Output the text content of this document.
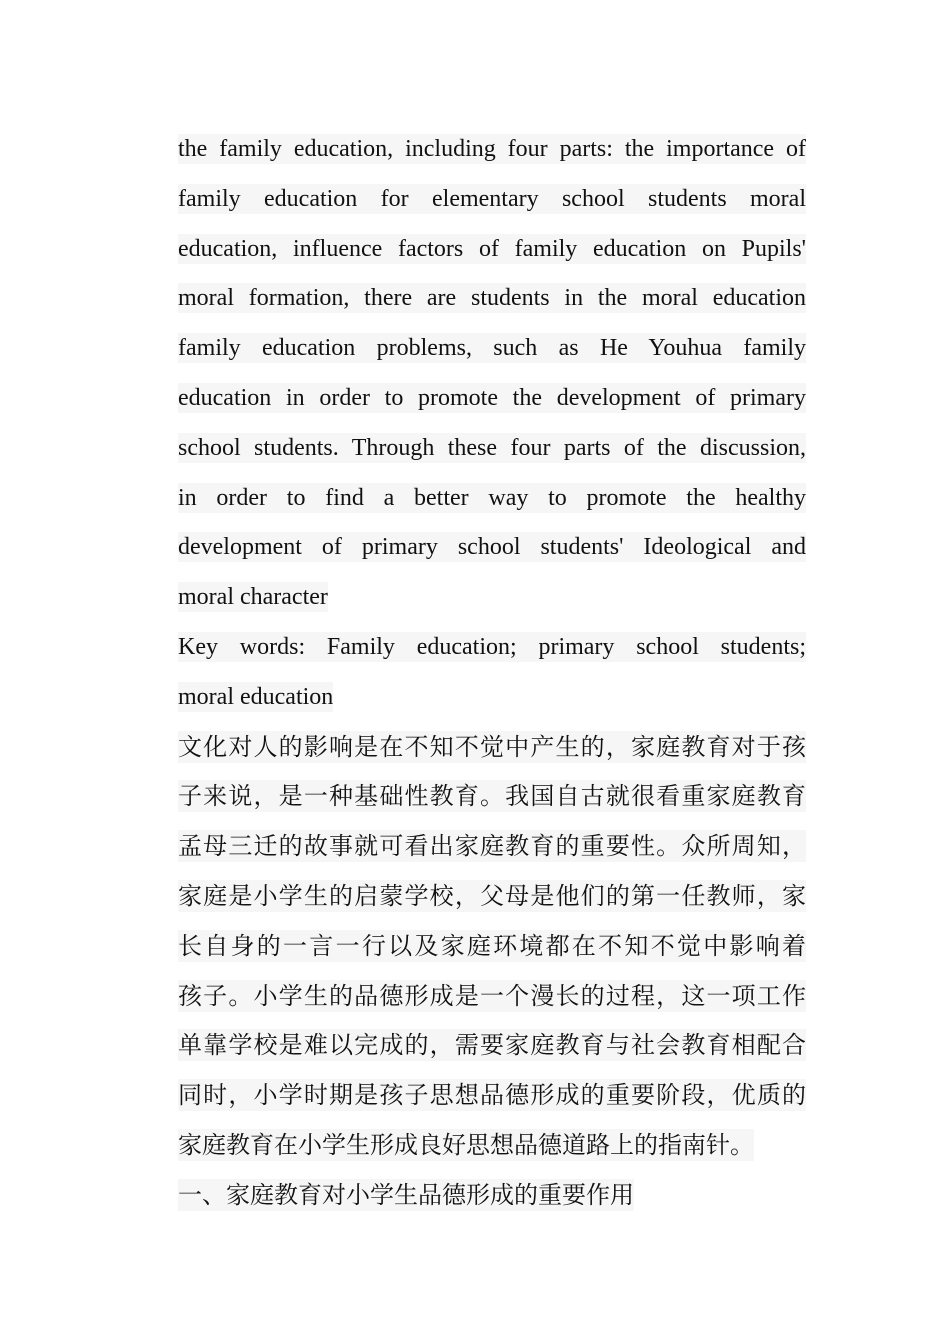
the family education, including four parts: the importance of
family education for elementary school students moral
education, influence factors of family education on Pupils'
moral formation, there are students in the moral education
family education problems, such as He Youhua family
education in order to promote the development of primary
school students. Through these four parts of the discussion,
in order to find a better way to promote the healthy
development of primary school students' Ideological and
moral character
Key words: Family education; primary school students;
moral education
文化对人的影响是在不知不觉中产生的，家庭教育对于孩
子来说，是一种基础性教育。我国自古就很看重家庭教育
孟母三迁的故事就可看出家庭教育的重要性。众所周知，
家庭是小学生的启蒙学校，父母是他们的第一任教师，家
长自身的一言一行以及家庭环境都在不知不觉中影响着
孩子。小学生的品德形成是一个漫长的过程，这一项工作
单靠学校是难以完成的，需要家庭教育与社会教育相配合
同时，小学时期是孩子思想品德形成的重要阶段，优质的
家庭教育在小学生形成良好思想品德道路上的指南针。
一、家庭教育对小学生品德形成的重要作用
